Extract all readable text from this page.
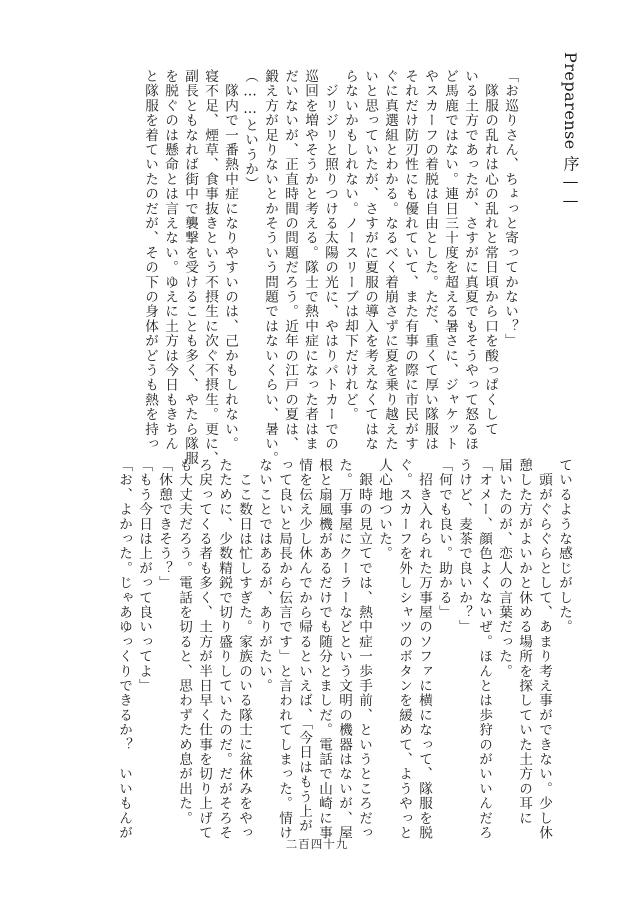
Preparense 序——
「お巡りさん、ちょっと寄ってかない？」
　隊服の乱れは心の乱れと常日頃から口を酸っぱくして
いる土方であったが、さすがに真夏でもそうやって怒るほ
ど馬鹿ではない。連日三十度を超える暑さに、ジャケット
やスカーフの着脱は自由とした。ただ、重くて厚い隊服は
それだけ防刃性にも優れていて、また有事の際に市民がす
ぐに真選組とわかる。なるべく着崩さずに夏を乗り越えた
いと思っていたが、さすがに夏服の導入を考えなくてはな
らないかもしれない。ノースリーブは却下だけれど。
　ジリジリと照りつける太陽の光に、やはりパトカーでの
巡回を増やそうかと考える。隊士で熱中症になった者はま
だいないが、正直時間の問題だろう。近年の江戸の夏は、
鍛え方が足りないとかそういう問題ではないくらい、暑い。
（……というか）
　隊内で一番熱中症になりやすいのは、己かもしれない。
寝不足、煙草、食事抜きという不摂生に次ぐ不摂生。更に、
副長ともなれば街中で襲撃を受けることも多く、やたら隊服
を脱ぐのは懸命とは言えない。ゆえに土方は今日もきちん
と隊服を着ていたのだが、その下の身体がどうも熱を持っ
ているような感じがした。
　頭がぐらぐらとして、あまり考え事ができない。少し休
憩した方がよいかと休める場所を探していた土方の耳に
届いたのが、恋人の言葉だった。
「オメー、顔色よくないぜ。ほんとは歩狩のがいいんだろ
うけど、麦茶で良いか？」
「何でも良い。助かる」
　招き入れられた万事屋のソファに横になって、隊服を脱
ぐ。スカーフを外しシャツのボタンを緩めて、ようやっと
人心地ついた。
　銀時の見立てでは、熱中症一歩手前、というところだっ
た。万事屋にクーラーなどという文明の機器はないが、屋
根と扇風機があるだけでも随分とましだ。電話で山崎に事
情を伝え少し休んでから帰るといえば、「今日はもう上が
って良いと局長から伝言です」と言われてしまった。情け
ないことではあるが、ありがたい。
　ここ数日は忙しすぎた。家族のいる隊士に盆休みをやっ
たために、少数精鋭で切り盛りしていたのだ。だがそろそ
ろ戻ってくる者も多く、土方が半日早く仕事を切り上げて
も大丈夫だろう。電話を切ると、思わずため息が出た。
「休憩できそう？」
「もう今日は上がって良いってよ」
「お、よかった。じゃあゆっくりできるか？　いいもんが
二百四十九
